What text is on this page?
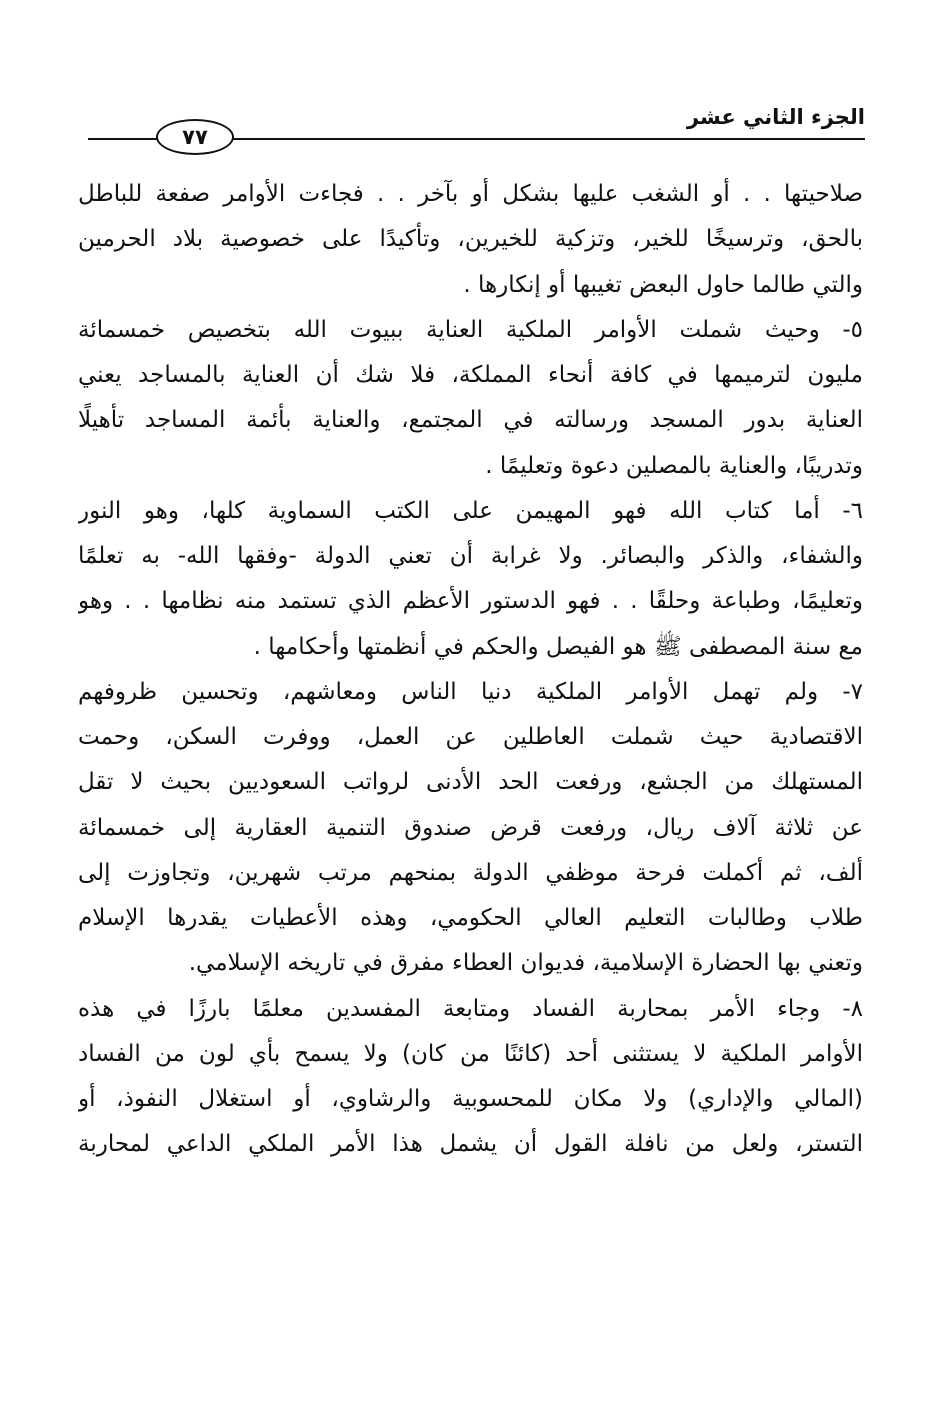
٧٧
الجزء الثاني عشر
صلاحيتها . . أو الشغب عليها بشكل أو بآخر . . فجاءت الأوامر صفعة للباطل
بالحق، وترسيخًا للخير، وتزكية للخيرين، وتأكيدًا على خصوصية بلاد الحرمين
والتي طالما حاول البعض تغيبها أو إنكارها .
٥- وحيث شملت الأوامر الملكية العناية ببيوت الله بتخصيص خمسمائة
مليون لترميمها في كافة أنحاء المملكة، فلا شك أن العناية بالمساجد يعني
العناية بدور المسجد ورسالته في المجتمع، والعناية بأئمة المساجد تأهيلًا
وتدريبًا، والعناية بالمصلين دعوة وتعليمًا .
٦- أما كتاب الله فهو المهيمن على الكتب السماوية كلها، وهو النور
والشفاء، والذكر والبصائر. ولا غرابة أن تعني الدولة -وفقها الله- به تعلمًا
وتعليمًا، وطباعة وحلقًا . . فهو الدستور الأعظم الذي تستمد منه نظامها . . وهو
مع سنة المصطفى ﷺ هو الفيصل والحكم في أنظمتها وأحكامها .
٧- ولم تهمل الأوامر الملكية دنيا الناس ومعاشهم، وتحسين ظروفهم
الاقتصادية حيث شملت العاطلين عن العمل، ووفرت السكن، وحمت
المستهلك من الجشع، ورفعت الحد الأدنى لرواتب السعوديين بحيث لا تقل
عن ثلاثة آلاف ريال، ورفعت قرض صندوق التنمية العقارية إلى خمسمائة
ألف، ثم أكملت فرحة موظفي الدولة بمنحهم مرتب شهرين، وتجاوزت إلى
طلاب وطالبات التعليم العالي الحكومي، وهذه الأعطيات يقدرها الإسلام
وتعني بها الحضارة الإسلامية، فديوان العطاء مفرق في تاريخه الإسلامي.
٨- وجاء الأمر بمحاربة الفساد ومتابعة المفسدين معلمًا بارزًا في هذه
الأوامر الملكية لا يستثنى أحد (كائنًا من كان) ولا يسمح بأي لون من الفساد
(المالي والإداري) ولا مكان للمحسوبية والرشاوي، أو استغلال النفوذ، أو
التستر، ولعل من نافلة القول أن يشمل هذا الأمر الملكي الداعي لمحاربة
